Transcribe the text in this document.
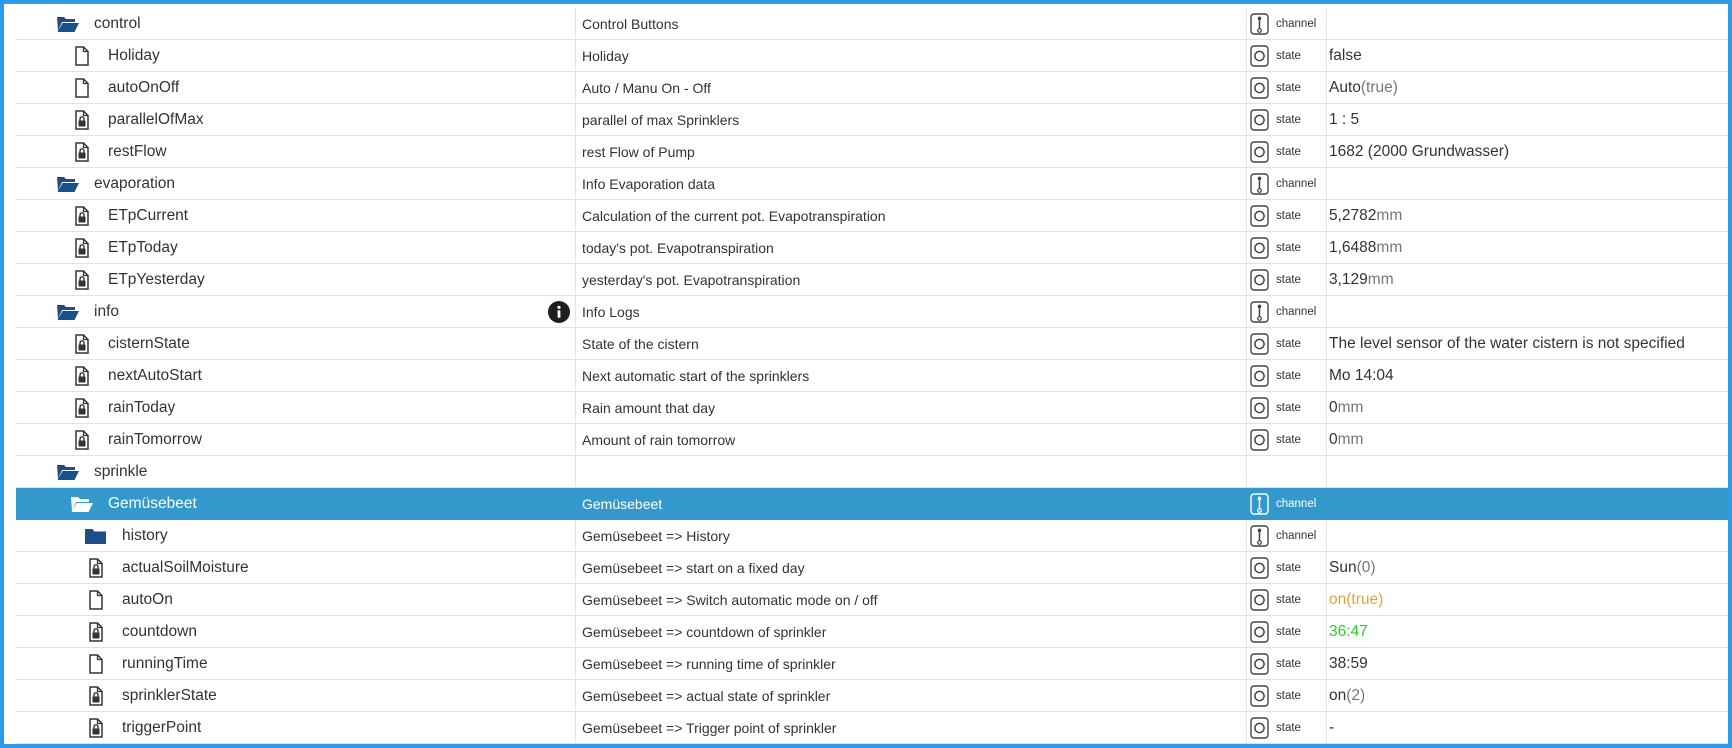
control	Control Buttons	channel
Holiday	Holiday	state false
autoOnOff	Auto / Manu On - Off	state Auto (true)
parallelOfMax	parallel of max Sprinklers	state 1 : 5
restFlow	rest Flow of Pump	state 1682 (2000 Grundwasser)
evaporation	Info Evaporation data	channel
ETpCurrent	Calculation of the current pot. Evapotranspiration	state 5,2782 mm
ETpToday	today's pot. Evapotranspiration	state 1,6488 mm
ETpYesterday	yesterday's pot. Evapotranspiration	state 3,129 mm
info	Info Logs	channel
cisternState	State of the cistern	state The level sensor of the water cistern is not specified
nextAutoStart	Next automatic start of the sprinklers	state Mo 14:04
rainToday	Rain amount that day	state 0 mm
rainTomorrow	Amount of rain tomorrow	state 0 mm
sprinkle
Gemüsebeet	Gemüsebeet	channel
history	Gemüsebeet => History	channel
actualSoilMoisture	Gemüsebeet => start on a fixed day	state Sun (0)
autoOn	Gemüsebeet => Switch automatic mode on / off	state on (true)
countdown	Gemüsebeet => countdown of sprinkler	state 36:47
runningTime	Gemüsebeet => running time of sprinkler	state 38:59
sprinklerState	Gemüsebeet => actual state of sprinkler	state on (2)
triggerPoint	Gemüsebeet => Trigger point of sprinkler	state -
